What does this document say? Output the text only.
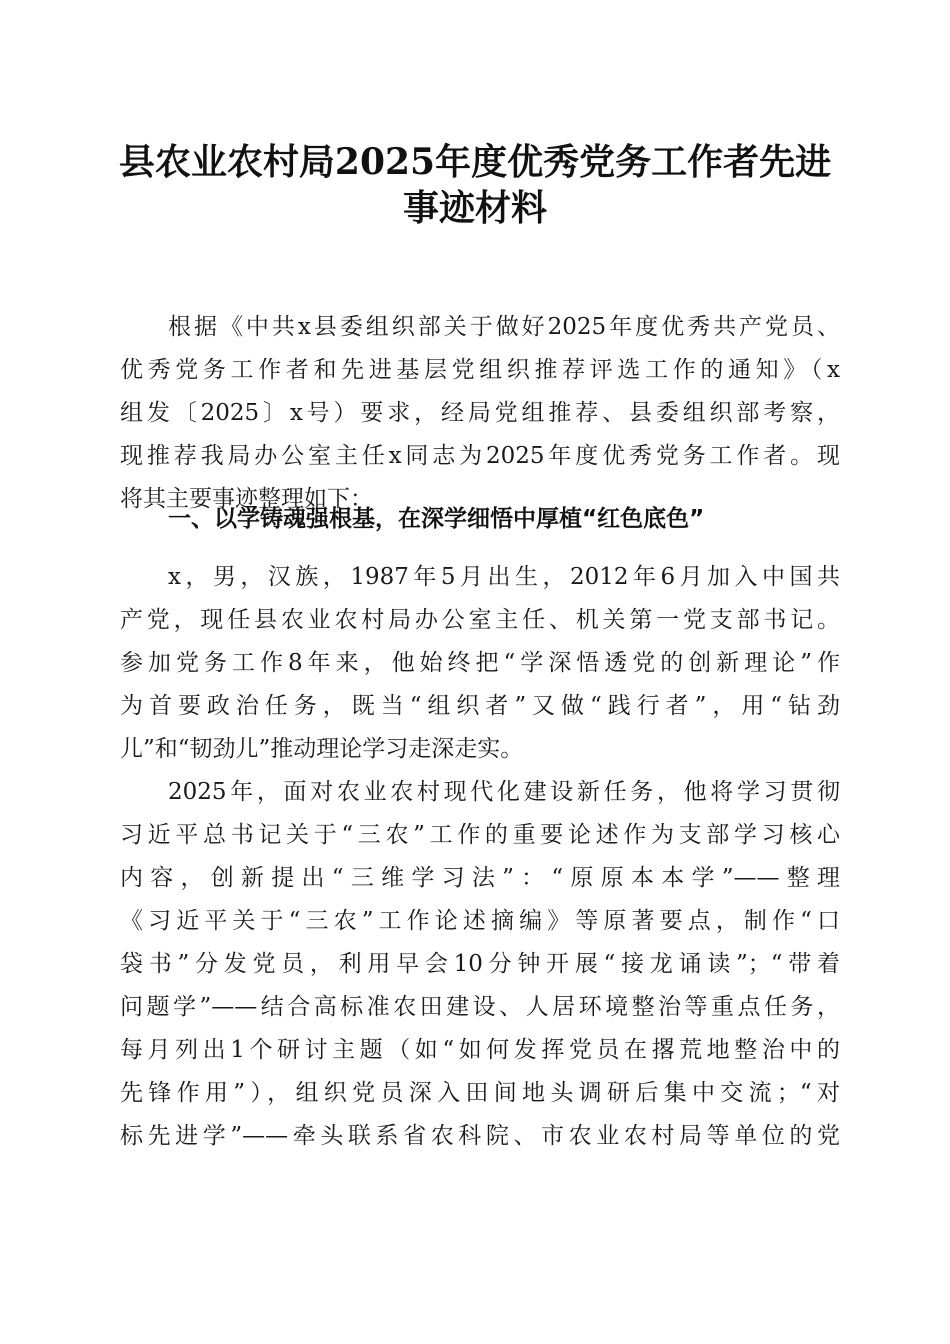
县农业农村局2025年度优秀党务工作者先进
事迹材料
根据《中共x县委组织部关于做好2025年度优秀共产党员、
优秀党务工作者和先进基层党组织推荐评选工作的通知》（x
组发〔2025〕x号）要求，经局党组推荐、县委组织部考察，
现推荐我局办公室主任x同志为2025年度优秀党务工作者。现
将其主要事迹整理如下：
一、以学铸魂强根基，在深学细悟中厚植“红色底色”
x，男，汉族，1987年5月出生，2012年6月加入中国共
产党，现任县农业农村局办公室主任、机关第一党支部书记。
参加党务工作8年来，他始终把“学深悟透党的创新理论”作
为首要政治任务，既当“组织者”又做“践行者”，用“钻劲
儿”和“韧劲儿”推动理论学习走深走实。
2025年，面对农业农村现代化建设新任务，他将学习贯彻
习近平总书记关于“三农”工作的重要论述作为支部学习核心
内容，创新提出“三维学习法”：“原原本本学”——整理
《习近平关于“三农”工作论述摘编》等原著要点，制作“口
袋书”分发党员，利用早会10分钟开展“接龙诵读”；“带着
问题学”——结合高标准农田建设、人居环境整治等重点任务，
每月列出1个研讨主题（如“如何发挥党员在撂荒地整治中的
先锋作用”），组织党员深入田间地头调研后集中交流；“对
标先进学”——牵头联系省农科院、市农业农村局等单位的党
